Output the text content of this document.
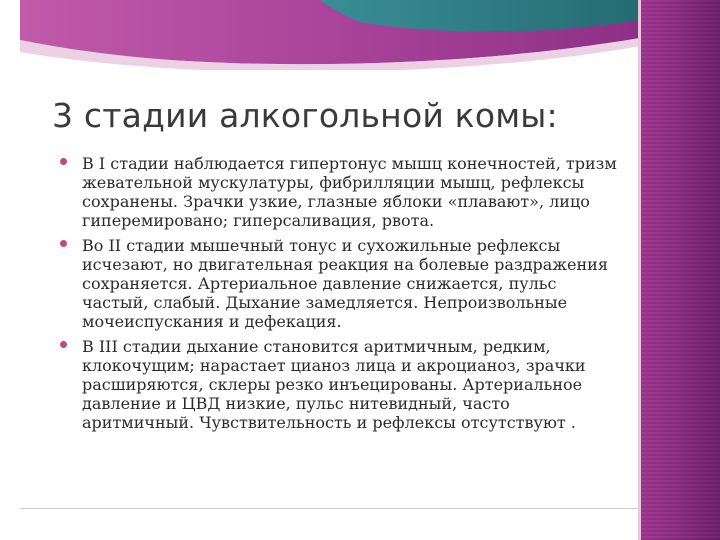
3 стадии алкогольной комы:
В I стадии наблюдается гипертонус мышц конечностей, тризм жевательной мускулатуры, фибрилляции мышц, рефлексы сохранены. Зрачки узкие, глазные яблоки «плавают», лицо гиперемировано; гиперсаливация, рвота.
Во II стадии мышечный тонус и сухожильные рефлексы исчезают, но двигательная реакция на болевые раздражения сохраняется. Артериальное давление снижается, пульс частый, слабый. Дыхание замедляется. Непроизвольные мочеиспускания и дефекация.
В III стадии дыхание становится аритмичным, редким, клокочущим; нарастает цианоз лица и акроцианоз, зрачки расширяются, склеры резко инъецированы. Артериальное давление и ЦВД низкие, пульс нитевидный, часто аритмичный. Чувствительность и рефлексы отсутствуют .
